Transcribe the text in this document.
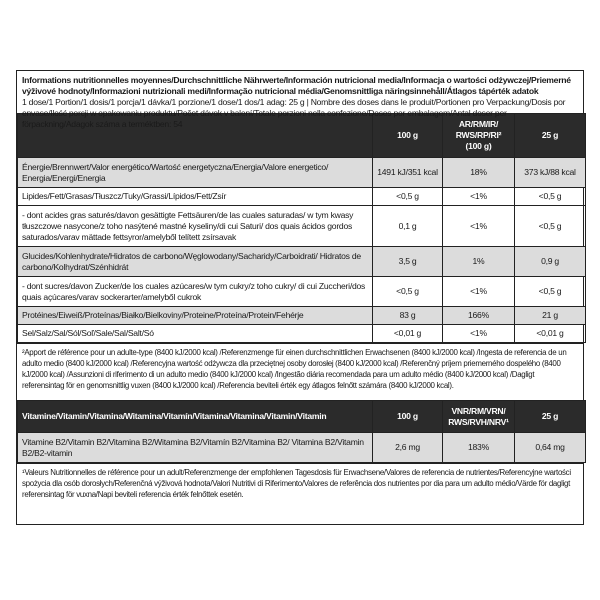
Informations nutritionnelles moyennes/Durchschnittliche Nährwerte/Información nutricional media/Informacja o wartości odżywczej/Priemerné výživové hodnoty/Informazioni nutrizionali medi/Informação nutricional média/Genomsnittliga näringsinnehåll/Átlagos tápérték adatok
1 dose/1 Portion/1 dosis/1 porcja/1 dávka/1 porzione/1 dose/1 dos/1 adag: 25 g | Nombre des doses dans le produit/Portionen pro Verpackung/Dosis por envase/Ilość porcji w opakowaniu produktu/Počet dávok v balení/Totale porzioni nella confezione/Doses por embalagem/Antal doser per förpackning/Adagok száma a terméktben: 54
	100 g	AR/RM/IR/ RWS/RP/RI² (100 g)	25 g
Énergie/Brennwert/Valor energético/Wartość energetyczna/Energia/Valore energetico/ Energia/Energi/Energia	1491 kJ/351 kcal	18%	373 kJ/88 kcal
Lipides/Fett/Grasas/Tłuszcz/Tuky/Grassi/Lípidos/Fett/Zsír	<0,5 g	<1%	<0,5 g
- dont acides gras saturés/davon gesättigte Fettsäuren/de las cuales saturadas/ w tym kwasy tłuszczowe nasycone/z toho nasýtené mastné kyseliny/di cui Saturi/ dos quais ácidos gordos saturados/varav mättade fettsyror/amelyből telített zsírsavak	0,1 g	<1%	<0,5 g
Glucides/Kohlenhydrate/Hidratos de carbono/Węglowodany/Sacharidy/Carboidrati/ Hidratos de carbono/Kolhydrat/Szénhidrát	3,5 g	1%	0,9 g
- dont sucres/davon Zucker/de los cuales azúcares/w tym cukry/z toho cukry/ di cui Zuccheri/dos quais açúcares/varav sockerarter/amelyből cukrok	<0,5 g	<1%	<0,5 g
Protéines/Eiweiß/Proteínas/Białko/Bielkoviny/Proteine/Proteína/Protein/Fehérje	83 g	166%	21 g
Sel/Salz/Sal/Sól/Soľ/Sale/Sal/Salt/Só	<0,01 g	<1%	<0,01 g
²Apport de référence pour un adulte-type (8400 kJ/2000 kcal) /Referenzmenge für einen durchschnittlichen Erwachsenen (8400 kJ/2000 kcal) /Ingesta de referencia de un adulto medio (8400 kJ/2000 kcal) /Referencyjna wartość odżywcza dla przeciętnej osoby dorosłej (8400 kJ/2000 kcal) /Referenčný príjem priemerného dospelého (8400 kJ/2000 kcal) /Assunzioni di riferimento di un adulto medio (8400 kJ/2000 kcal) /Ingestão diária recomendada para um adulto médio (8400 kJ/2000 kcal) /Dagligt referensintag för en genomsnittlig vuxen (8400 kJ/2000 kcal) /Referencia beviteli érték egy átlagos felnőtt számára (8400 kJ/2000 kcal).
Vitamine/Vitamin/Vitamina/Witamina/Vitamín/Vitamina/Vitamina/Vitamin/Vitamin	100 g	VNR/RM/VRN/ RWS/RVH/NRV¹	25 g
Vitamine B2/Vitamin B2/Vitamina B2/Witamina B2/Vitamín B2/Vitamina B2/ Vitamina B2/Vitamin B2/B2-vitamin	2,6 mg	183%	0,64 mg
¹Valeurs Nutritionnelles de référence pour un adult/Referenzmenge der empfohlenen Tagesdosis für Erwachsene/Valores de referencia de nutrientes/Referencyjne wartości spożycia dla osób dorosłych/Referenčná výživová hodnota/Valori Nutritivi di Riferimento/Valores de referência dos nutrientes por dia para um adulto médio/Värde för dagligt referensintag för vuxna/Napi beviteli referencia érték felnőttek esetén.
